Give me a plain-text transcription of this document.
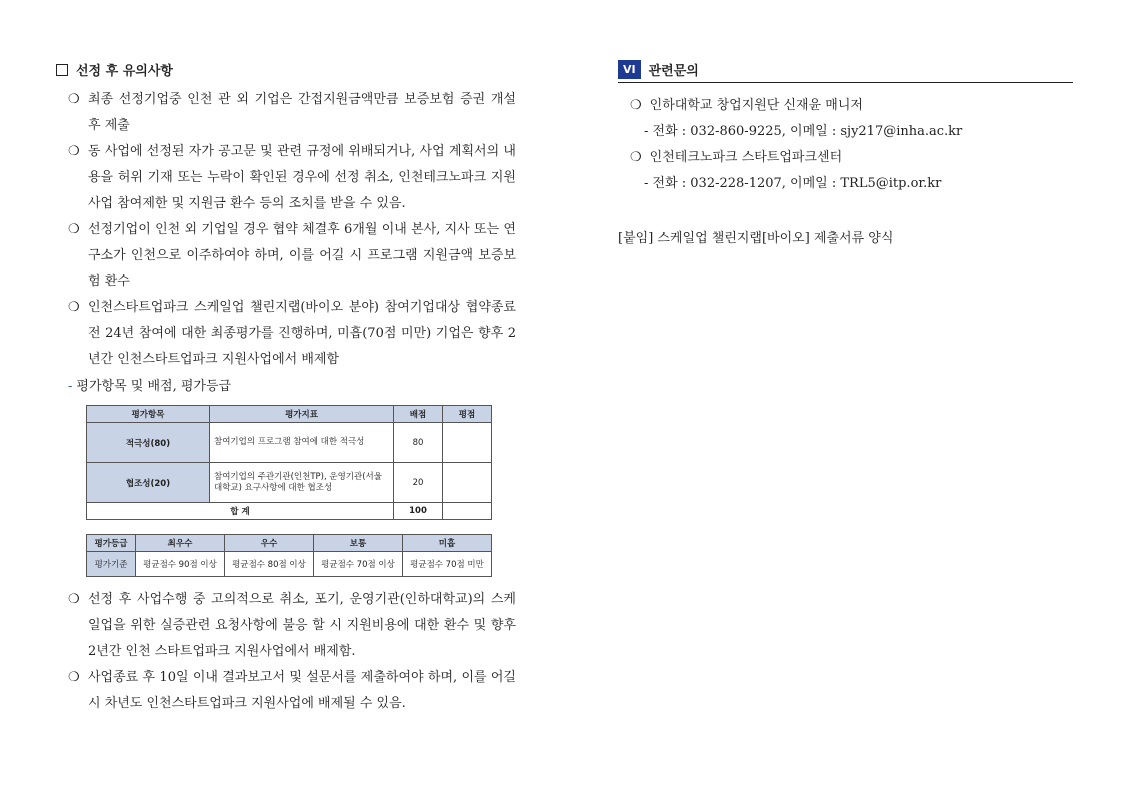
선정 후 유의사항
❍ 최종 선정기업중 인천 관 외 기업은 간접지원금액만큼 보증보험 증권 개설 후 제출
❍ 동 사업에 선정된 자가 공고문 및 관련 규정에 위배되거나, 사업 계획서의 내용을 허위 기재 또는 누락이 확인된 경우에 선정 취소, 인천테크노파크 지원사업 참여제한 및 지원금 환수 등의 조치를 받을 수 있음.
❍ 선정기업이 인천 외 기업일 경우 협약 체결후 6개월 이내 본사, 지사 또는 연구소가 인천으로 이주하여야 하며, 이를 어길 시 프로그램 지원금액 보증보험 환수
❍ 인천스타트업파크 스케일업 챌린지랩(바이오 분야) 참여기업대상 협약종료 전 24년 참여에 대한 최종평가를 진행하며, 미흡(70점 미만) 기업은 향후 2년간 인천스타트업파크 지원사업에서 배제함
- 평가항목 및 배점, 평가등급
평가항목	평가지표	배점	평점
적극성(80)	참여기업의 프로그램 참여에 대한 적극성	80	
협조성(20)	참여기업의 주관기관(인천TP), 운영기관(서울대학교) 요구사항에 대한 협조성	20	
합 계		100	
평가등급	최우수	우수	보통	미흡
평가기준	평균점수 90점 이상	평균점수 80점 이상	평균점수 70점 이상	평균점수 70점 미만
❍ 선정 후 사업수행 중 고의적으로 취소, 포기, 운영기관(인하대학교)의 스케일업을 위한 실증관련 요청사항에 불응 할 시 지원비용에 대한 환수 및 향후 2년간 인천 스타트업파크 지원사업에서 배제함.
❍ 사업종료 후 10일 이내 결과보고서 및 설문서를 제출하여야 하며, 이를 어길 시 차년도 인천스타트업파크 지원사업에 배제될 수 있음.
VI	관련문의
❍ 인하대학교 창업지원단 신재윤 매니저
- 전화 : 032-860-9225, 이메일 : sjy217@inha.ac.kr
❍ 인천테크노파크 스타트업파크센터
- 전화 : 032-228-1207, 이메일 : TRL5@itp.or.kr
[붙임] 스케일업 챌린지랩[바이오] 제출서류 양식
